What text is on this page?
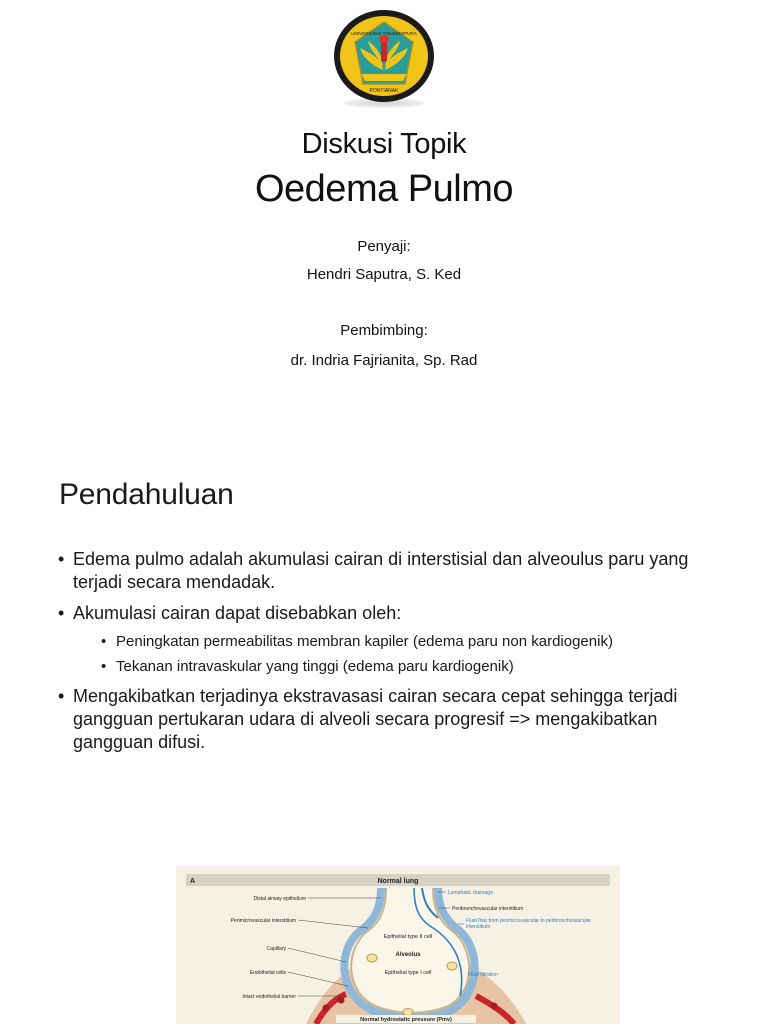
UNIVERSITAS TANJUNGPURA
PONTIANAK
Diskusi Topik
Oedema Pulmo
Penyaji:
Hendri Saputra, S. Ked
Pembimbing:
dr. Indria Fajrianita, Sp. Rad
Pendahuluan
• Edema pulmo adalah akumulasi cairan di interstisial dan alveoulus paru yang terjadi secara mendadak.
• Akumulasi cairan dapat disebabkan oleh:
• Peningkatan permeabilitas membran kapiler (edema paru non kardiogenik)
• Tekanan intravaskular yang tinggi (edema paru kardiogenik)
• Mengakibatkan terjadinya ekstravasasi cairan secara cepat sehingga terjadi gangguan pertukaran udara di alveoli secara progresif => mengakibatkan gangguan difusi.
A	Normal lung
Epithelial type II cell
Alveolus
Epithelial type I cell
Distal airway epithelium
Perimicrovascular interstitium
Capillary
Endothelial cells
Intact endothelial barrier
Lymphatic drainage
Peribronchovascular interstitium
Fluid flow from perimicrovascular to peribronchovascular interstitium
Fluid filtration
Normal hydrostatic pressure (Pmv)
